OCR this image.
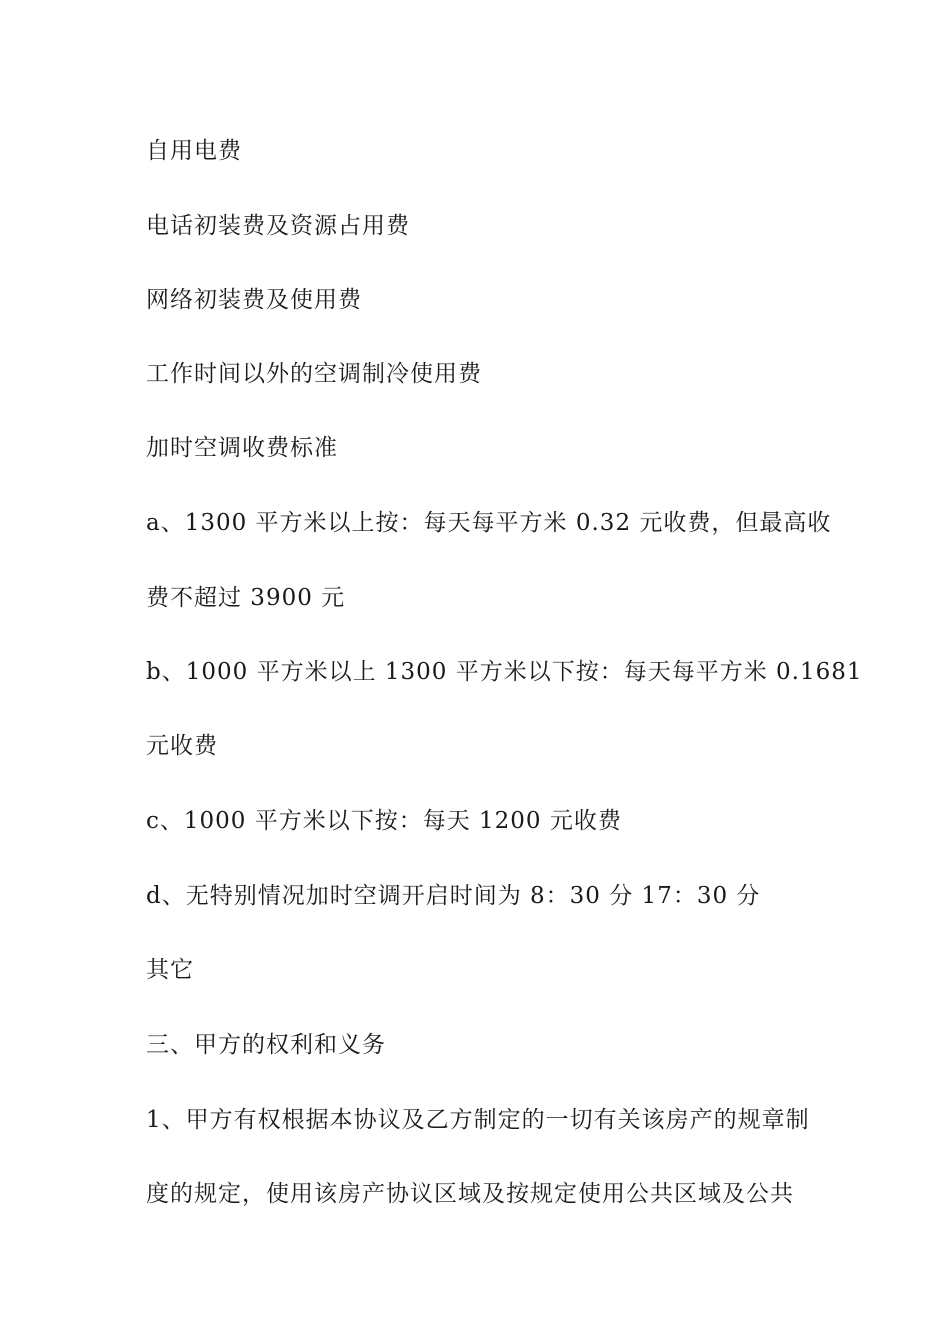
自用电费
电话初装费及资源占用费
网络初装费及使用费
工作时间以外的空调制冷使用费
加时空调收费标准
a、1300 平方米以上按：每天每平方米 0.32 元收费，但最高收
费不超过 3900 元
b、1000 平方米以上 1300 平方米以下按：每天每平方米 0.1681
元收费
c、1000 平方米以下按：每天 1200 元收费
d、无特别情况加时空调开启时间为 8：30 分 17：30 分
其它
三、甲方的权利和义务
1、甲方有权根据本协议及乙方制定的一切有关该房产的规章制
度的规定，使用该房产协议区域及按规定使用公共区域及公共
